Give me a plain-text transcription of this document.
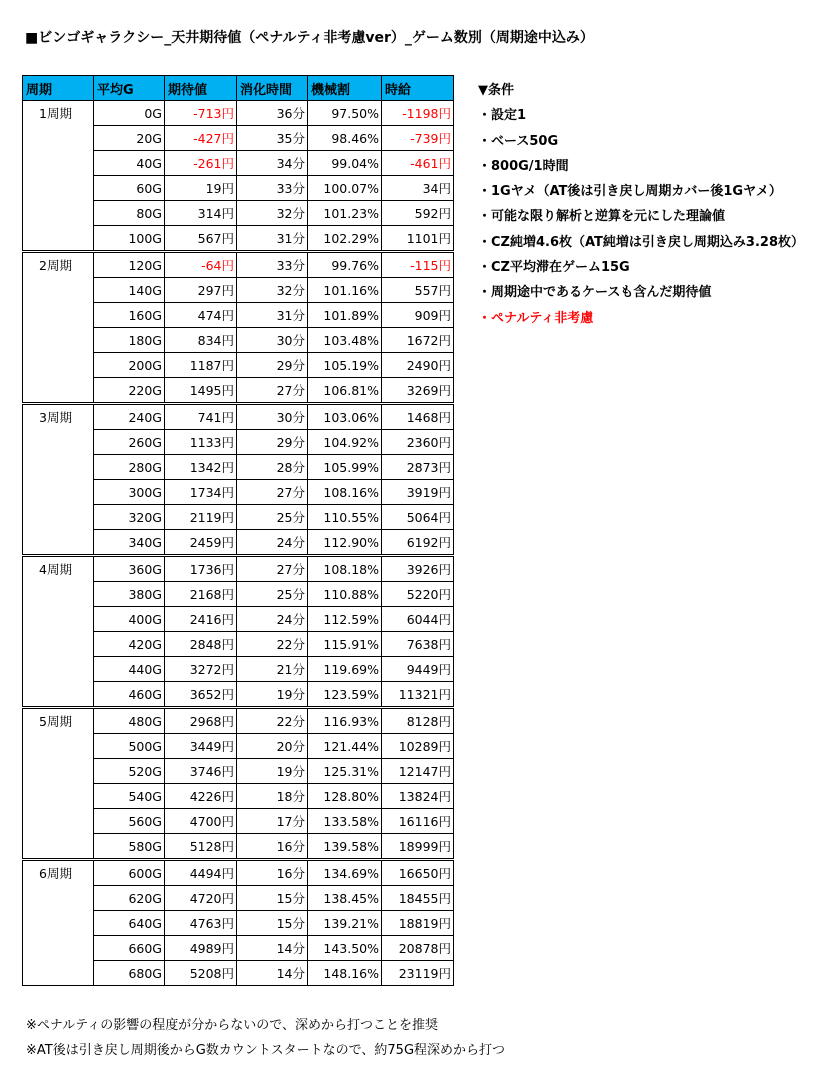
■ビンゴギャラクシー_天井期待値（ペナルティ非考慮ver）_ゲーム数別（周期途中込み）
周期	平均G	期待値	消化時間	機械割	時給
1周期	0G	-713円	36分	97.50%	-1198円
	20G	-427円	35分	98.46%	-739円
	40G	-261円	34分	99.04%	-461円
	60G	19円	33分	100.07%	34円
	80G	314円	32分	101.23%	592円
	100G	567円	31分	102.29%	1101円
2周期	120G	-64円	33分	99.76%	-115円
	140G	297円	32分	101.16%	557円
	160G	474円	31分	101.89%	909円
	180G	834円	30分	103.48%	1672円
	200G	1187円	29分	105.19%	2490円
	220G	1495円	27分	106.81%	3269円
3周期	240G	741円	30分	103.06%	1468円
	260G	1133円	29分	104.92%	2360円
	280G	1342円	28分	105.99%	2873円
	300G	1734円	27分	108.16%	3919円
	320G	2119円	25分	110.55%	5064円
	340G	2459円	24分	112.90%	6192円
4周期	360G	1736円	27分	108.18%	3926円
	380G	2168円	25分	110.88%	5220円
	400G	2416円	24分	112.59%	6044円
	420G	2848円	22分	115.91%	7638円
	440G	3272円	21分	119.69%	9449円
	460G	3652円	19分	123.59%	11321円
5周期	480G	2968円	22分	116.93%	8128円
	500G	3449円	20分	121.44%	10289円
	520G	3746円	19分	125.31%	12147円
	540G	4226円	18分	128.80%	13824円
	560G	4700円	17分	133.58%	16116円
	580G	5128円	16分	139.58%	18999円
6周期	600G	4494円	16分	134.69%	16650円
	620G	4720円	15分	138.45%	18455円
	640G	4763円	15分	139.21%	18819円
	660G	4989円	14分	143.50%	20878円
	680G	5208円	14分	148.16%	23119円
▼条件
・設定1
・ベース50G
・800G/1時間
・1Gヤメ（AT後は引き戻し周期カバー後1Gヤメ）
・可能な限り解析と逆算を元にした理論値
・CZ純増4.6枚（AT純増は引き戻し周期込み3.28枚）
・CZ平均滞在ゲーム15G
・周期途中であるケースも含んだ期待値
・ペナルティ非考慮
※ペナルティの影響の程度が分からないので、深めから打つことを推奨
※AT後は引き戻し周期後からG数カウントスタートなので、約75G程深めから打つ
